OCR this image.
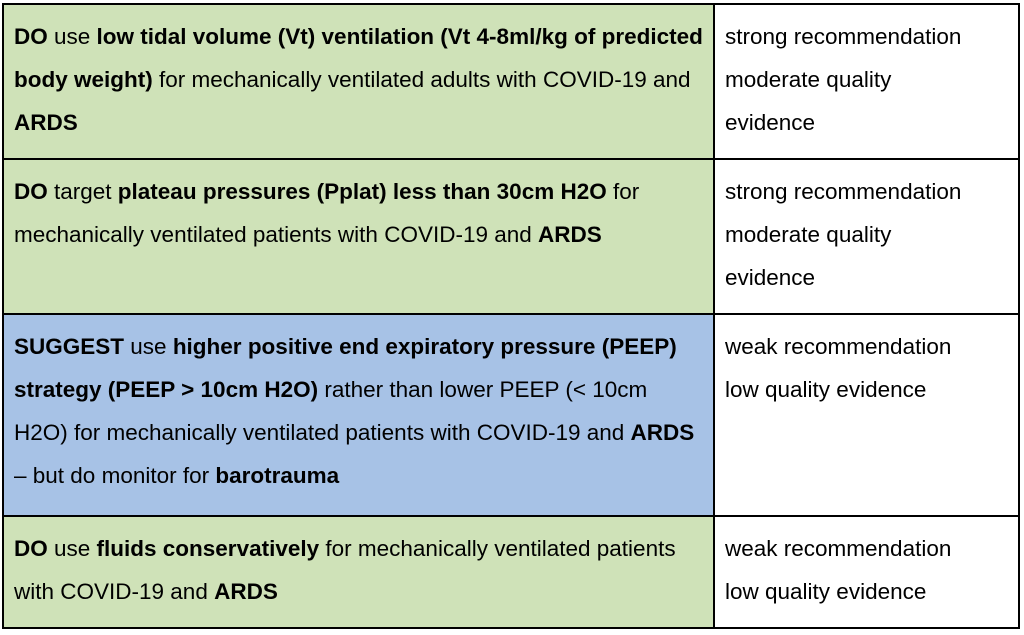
DO use low tidal volume (Vt) ventilation (Vt 4-8ml/kg of predicted body weight) for mechanically ventilated adults with COVID-19 and ARDS	strong recommendation
moderate quality
evidence

DO target plateau pressures (Pplat) less than 30cm H2O for mechanically ventilated patients with COVID-19 and ARDS	strong recommendation
moderate quality
evidence

SUGGEST use higher positive end expiratory pressure (PEEP) strategy (PEEP > 10cm H2O) rather than lower PEEP (< 10cm H2O) for mechanically ventilated patients with COVID-19 and ARDS – but do monitor for barotrauma	weak recommendation
low quality evidence

DO use fluids conservatively for mechanically ventilated patients with COVID-19 and ARDS	weak recommendation
low quality evidence
